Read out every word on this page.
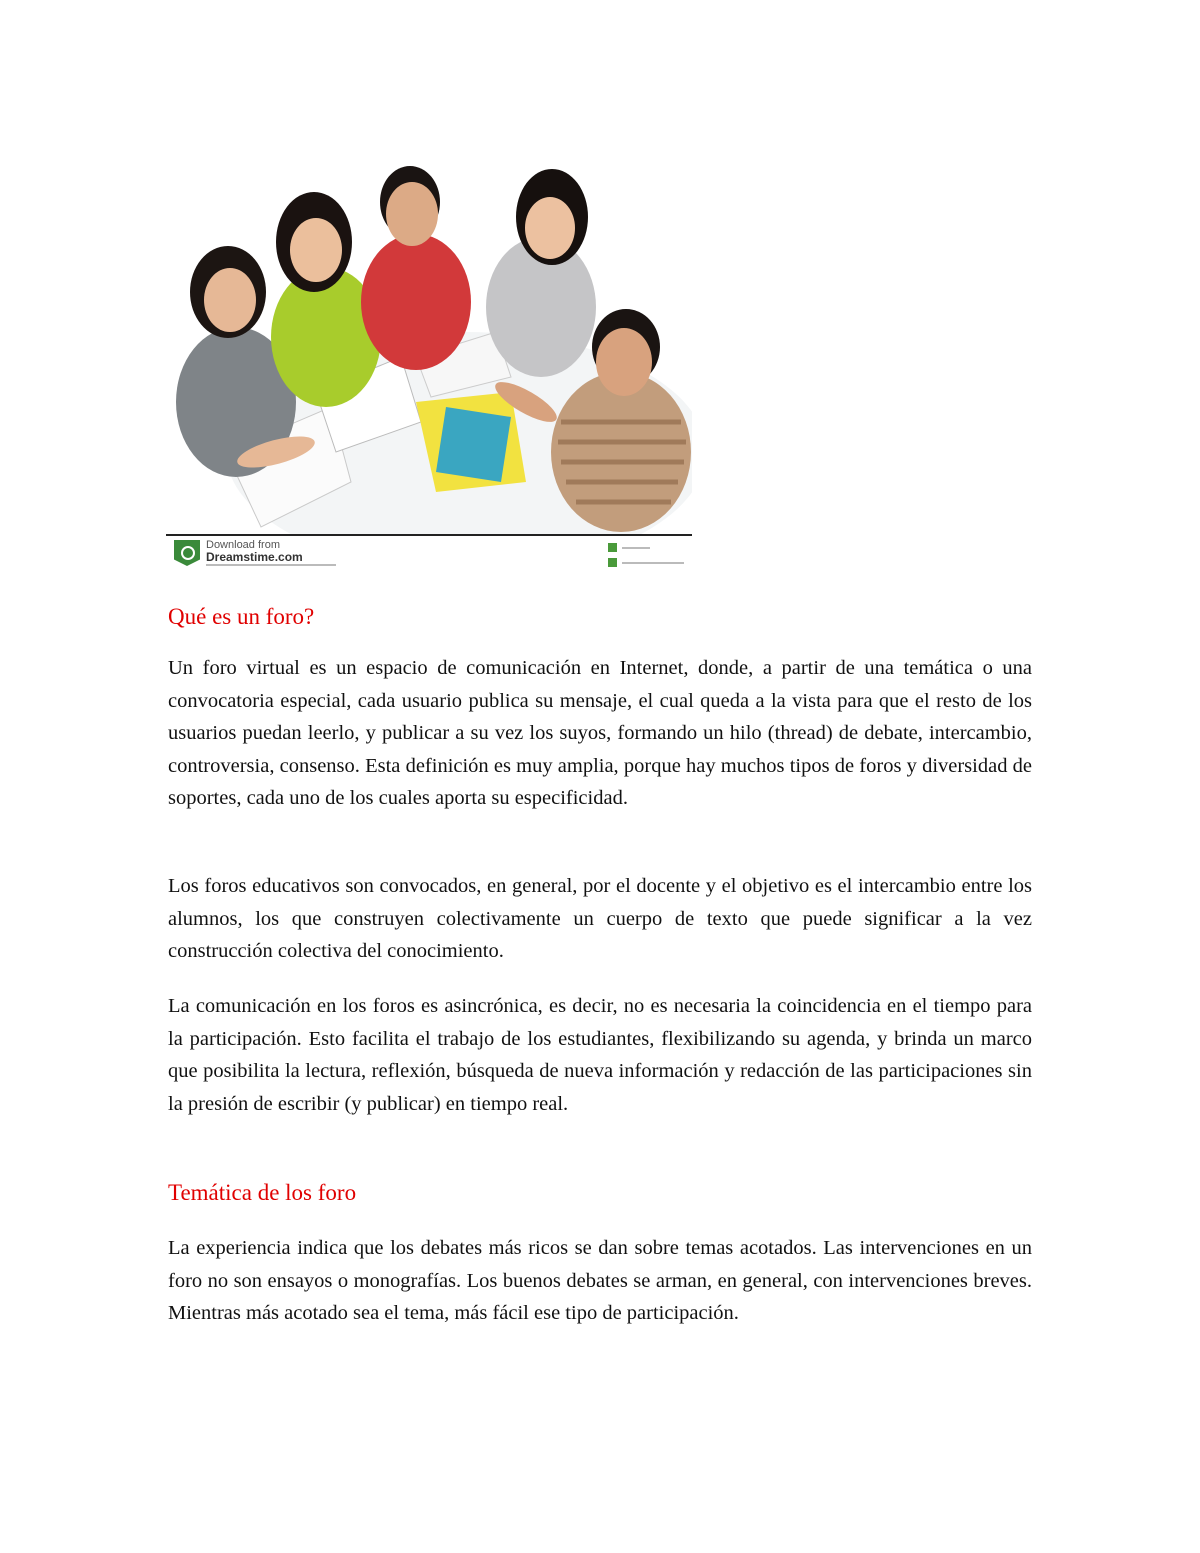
Download from
Dreamstime.com
Qué es un foro?

Un foro virtual es un espacio de comunicación en Internet, donde, a partir de una temática o una convocatoria especial, cada usuario publica su mensaje, el cual queda a la vista para que el resto de los usuarios puedan leerlo, y publicar a su vez los suyos, formando un hilo (thread) de debate, intercambio, controversia, consenso. Esta definición es muy amplia, porque hay muchos tipos de foros y diversidad de soportes, cada uno de los cuales aporta su especificidad.

Los foros educativos son convocados, en general, por el docente y el objetivo es el intercambio entre los alumnos, los que construyen colectivamente un cuerpo de texto que puede significar a la vez construcción colectiva del conocimiento.

La comunicación en los foros es asincrónica, es decir, no es necesaria la coincidencia en el tiempo para la participación. Esto facilita el trabajo de los estudiantes, flexibilizando su agenda, y brinda un marco que posibilita la lectura, reflexión, búsqueda de nueva información y redacción de las participaciones sin la presión de escribir (y publicar) en tiempo real.

Temática de los foro

La experiencia indica que los debates más ricos se dan sobre temas acotados. Las intervenciones en un foro no son ensayos o monografías. Los buenos debates se arman, en general, con intervenciones breves. Mientras más acotado sea el tema, más fácil ese tipo de participación.
